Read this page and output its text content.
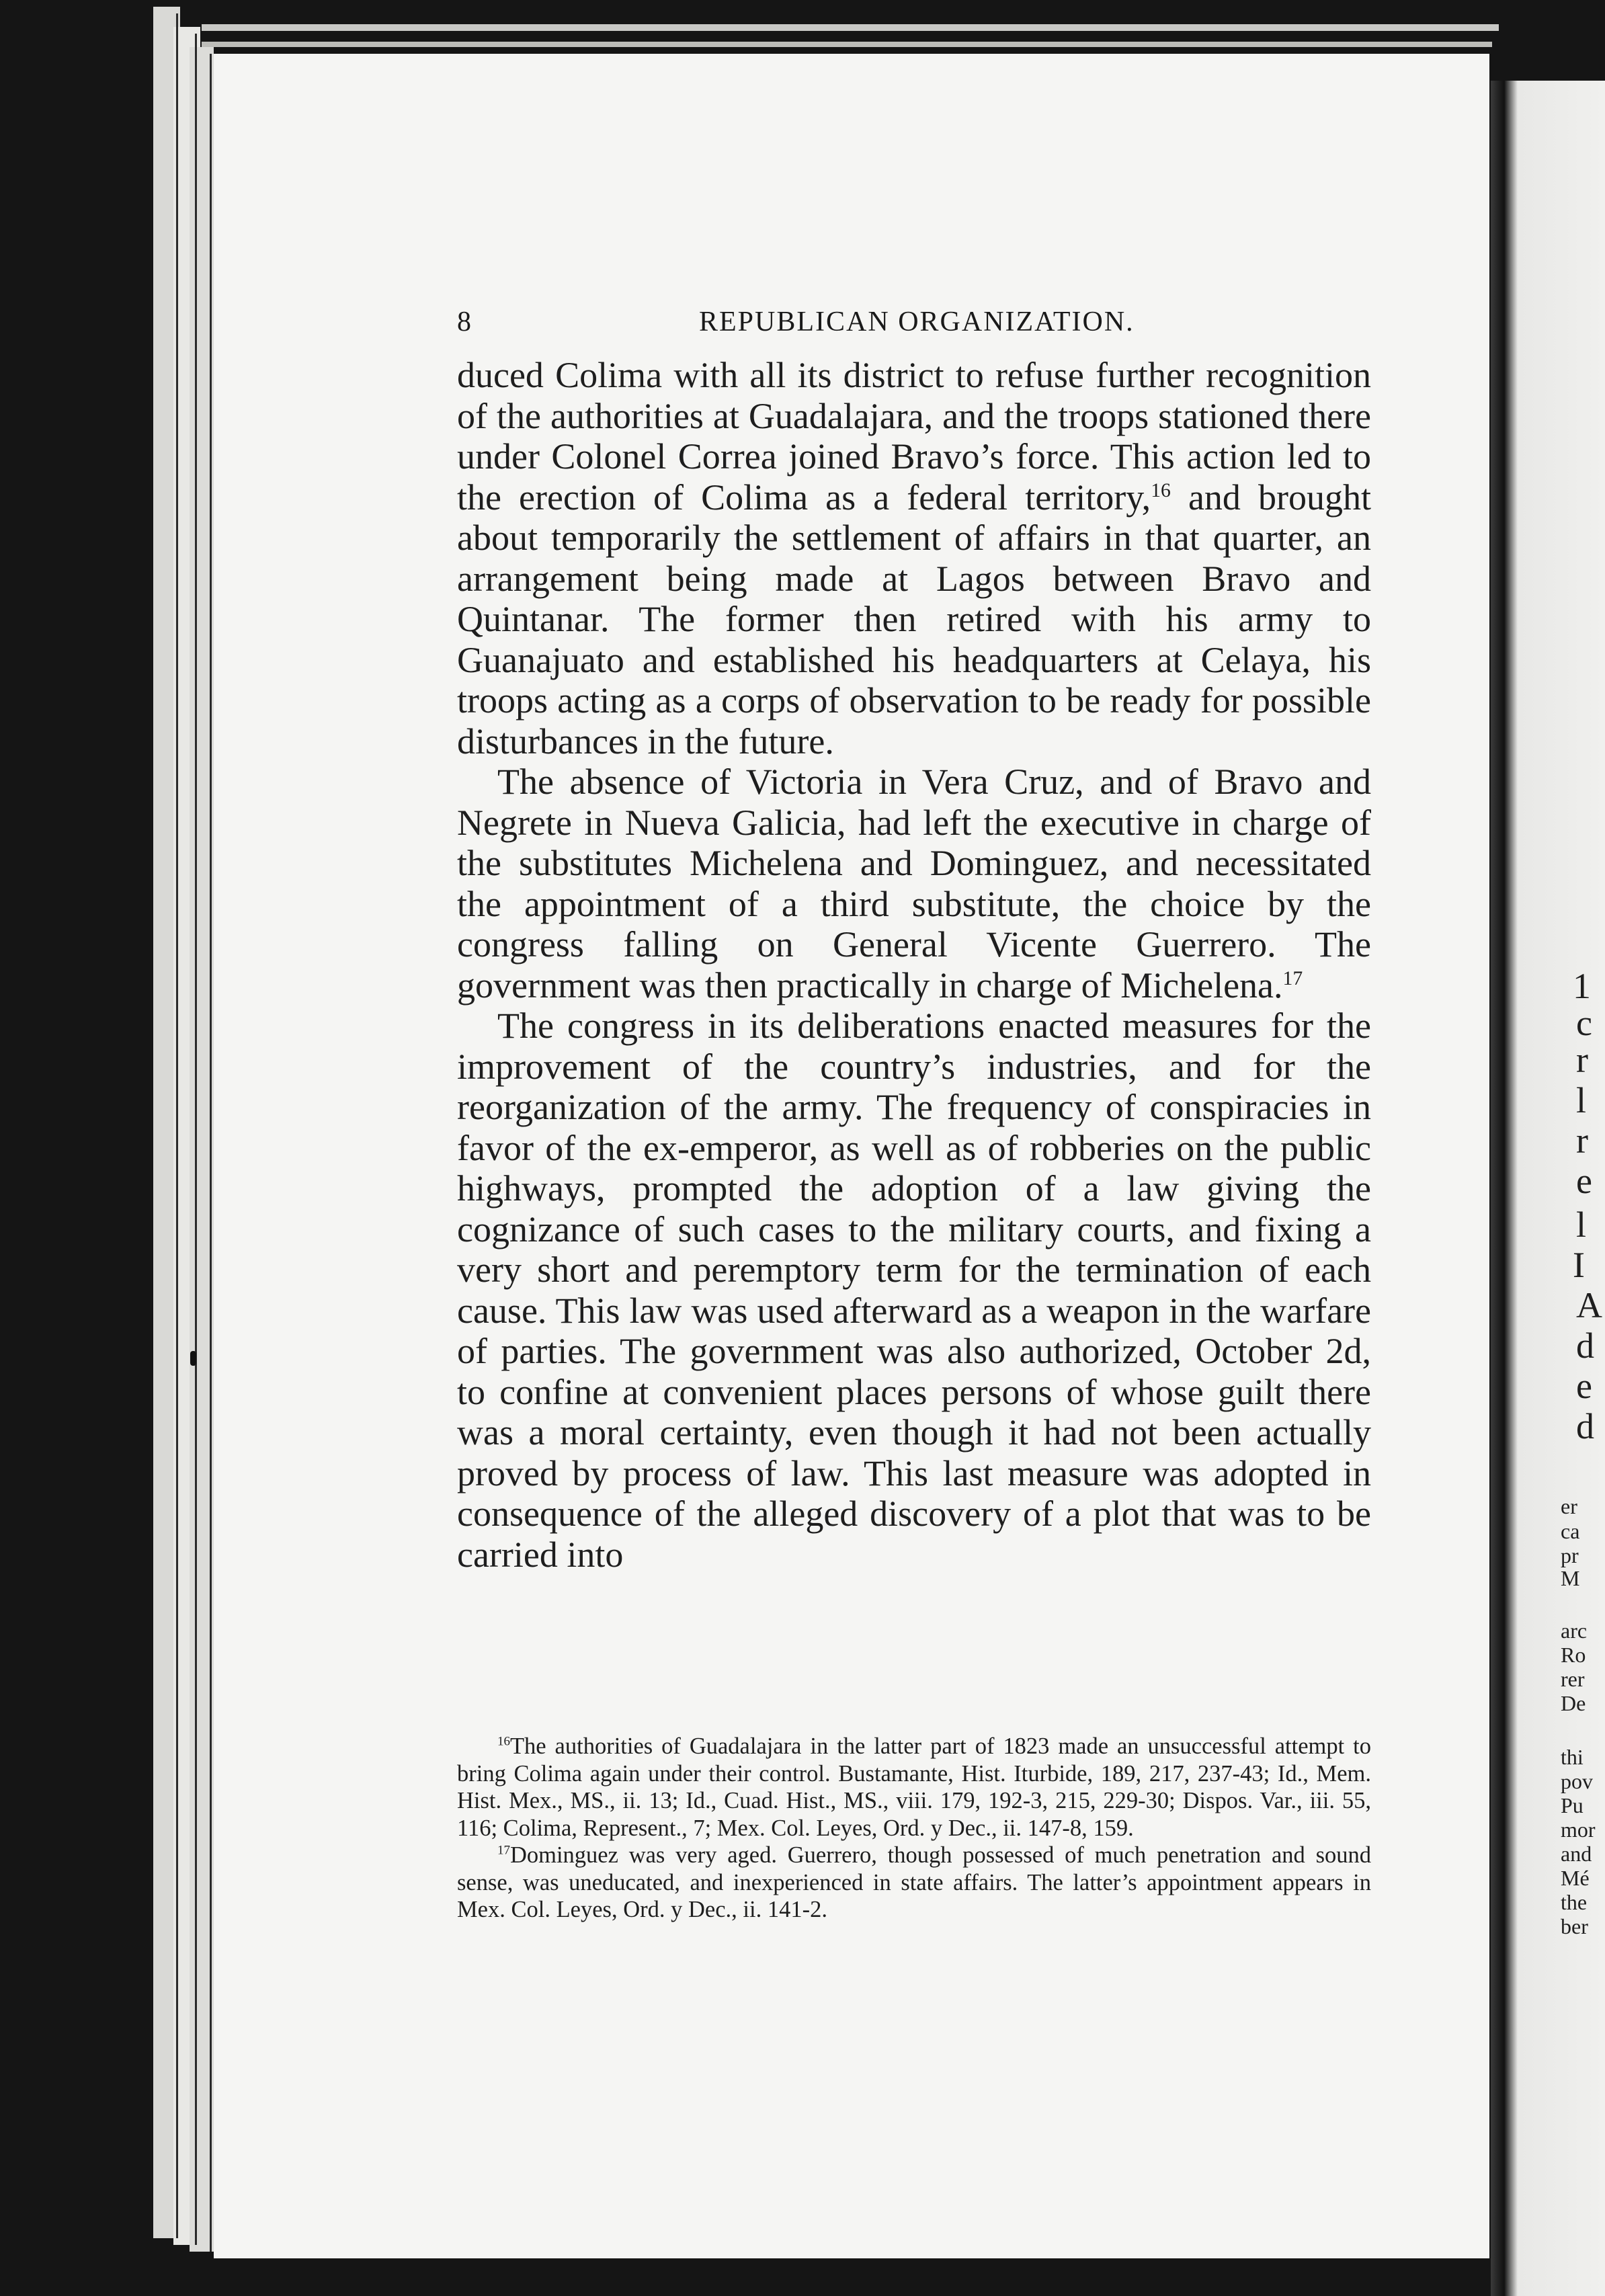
8	REPUBLICAN ORGANIZATION.

duced Colima with all its district to refuse further recognition of the authorities at Guadalajara, and the troops stationed there under Colonel Correa joined Bravo’s force. This action led to the erection of Colima as a federal territory,$^{16}$ and brought about temporarily the settlement of affairs in that quarter, an arrangement being made at Lagos between Bravo and Quintanar. The former then retired with his army to Guanajuato and established his headquarters at Celaya, his troops acting as a corps of observation to be ready for possible disturbances in the future.

The absence of Victoria in Vera Cruz, and of Bravo and Negrete in Nueva Galicia, had left the executive in charge of the substitutes Michelena and Dominguez, and necessitated the appointment of a third substitute, the choice by the congress falling on General Vicente Guerrero. The government was then practically in charge of Michelena.$^{17}$

The congress in its deliberations enacted measures for the improvement of the country’s industries, and for the reorganization of the army. The frequency of conspiracies in favor of the ex-emperor, as well as of robberies on the public highways, prompted the adoption of a law giving the cognizance of such cases to the military courts, and fixing a very short and peremptory term for the termination of each cause. This law was used afterward as a weapon in the warfare of parties. The government was also authorized, October 2d, to confine at convenient places persons of whose guilt there was a moral certainty, even though it had not been actually proved by process of law. This last measure was adopted in consequence of the alleged discovery of a plot that was to be carried into

$^{16}$The authorities of Guadalajara in the latter part of 1823 made an unsuccessful attempt to bring Colima again under their control. Bustamante, Hist. Iturbide, 189, 217, 237-43; Id., Mem. Hist. Mex., MS., ii. 13; Id., Cuad. Hist., MS., viii. 179, 192-3, 215, 229-30; Dispos. Var., iii. 55, 116; Colima, Represent., 7; Mex. Col. Leyes, Ord. y Dec., ii. 147-8, 159.

$^{17}$Dominguez was very aged. Guerrero, though possessed of much penetration and sound sense, was uneducated, and inexperienced in state affairs. The latter’s appointment appears in Mex. Col. Leyes, Ord. y Dec., ii. 141-2.

1
c
r
l
r
e
l
I
A
d
e
d
er
ca
pr
M
arc
Ro
rer
De
thi
pov
Pu
mor
and
Mé
the
ber
